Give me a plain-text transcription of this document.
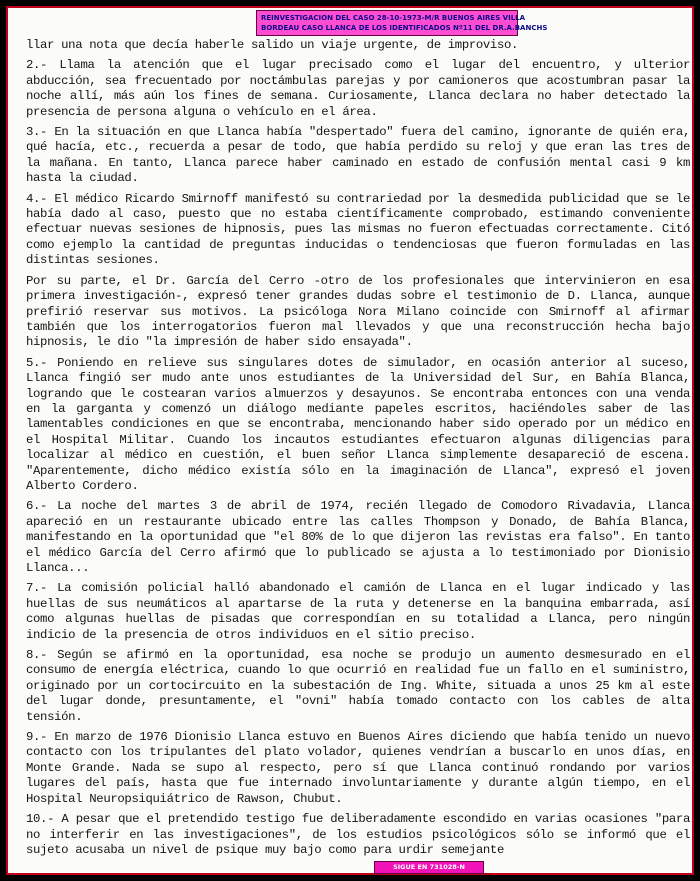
REINVESTIGACION DEL CASO 28-10-1973-M/R BUENOS AIRES VILLA
BORDEAU CASO LLANCA DE LOS IDENTIFICADOS Nº11 DEL DR.A.BANCHS

llar una nota que decía haberle salido un viaje urgente, de improviso.

2.- Llama la atención que el lugar precisado como el lugar del encuentro, y ulterior abducción, sea frecuentado por noctámbulas parejas y por camioneros que acostumbran pasar la noche allí, más aún los fines de semana. Curiosamente, Llanca declara no haber detectado la presencia de persona alguna o vehículo en el área.

3.- En la situación en que Llanca había "despertado" fuera del camino, ignorante de quién era, qué hacía, etc., recuerda a pesar de todo, que había perdido su reloj y que eran las tres de la mañana. En tanto, Llanca parece haber caminado en estado de confusión mental casi 9 km hasta la ciudad.

4.- El médico Ricardo Smirnoff manifestó su contrariedad por la desmedida publicidad que se le había dado al caso, puesto que no estaba científicamente comprobado, estimando conveniente efectuar nuevas sesiones de hipnosis, pues las mismas no fueron efectuadas correctamente. Citó como ejemplo la cantidad de preguntas inducidas o tendenciosas que fueron formuladas en las distintas sesiones.

Por su parte, el Dr. García del Cerro -otro de los profesionales que intervinieron en esa primera investigación-, expresó tener grandes dudas sobre el testimonio de D. Llanca, aunque prefirió reservar sus motivos. La psicóloga Nora Milano coincide con Smirnoff al afirmar también que los interrogatorios fueron mal llevados y que una reconstrucción hecha bajo hipnosis, le dio "la impresión de haber sido ensayada".

5.- Poniendo en relieve sus singulares dotes de simulador, en ocasión anterior al suceso, Llanca fingió ser mudo ante unos estudiantes de la Universidad del Sur, en Bahía Blanca, logrando que le costearan varios almuerzos y desayunos. Se encontraba entonces con una venda en la garganta y comenzó un diálogo mediante papeles escritos, haciéndoles saber de las lamentables condiciones en que se encontraba, mencionando haber sido operado por un médico en el Hospital Militar. Cuando los incautos estudiantes efectuaron algunas diligencias para localizar al médico en cuestión, el buen señor Llanca simplemente desapareció de escena. "Aparentemente, dicho médico existía sólo en la imaginación de Llanca", expresó el joven Alberto Cordero.

6.- La noche del martes 3 de abril de 1974, recién llegado de Comodoro Rivadavia, Llanca apareció en un restaurante ubicado entre las calles Thompson y Donado, de Bahía Blanca, manifestando en la oportunidad que "el 80% de lo que dijeron las revistas era falso". En tanto el médico García del Cerro afirmó que lo publicado se ajusta a lo testimoniado por Dionisio Llanca...

7.- La comisión policial halló abandonado el camión de Llanca en el lugar indicado y las huellas de sus neumáticos al apartarse de la ruta y detenerse en la banquina embarrada, así como algunas huellas de pisadas que correspondían en su totalidad a Llanca, pero ningún indicio de la presencia de otros individuos en el sitio preciso.

8.- Según se afirmó en la oportunidad, esa noche se produjo un aumento desmesurado en el consumo de energía eléctrica, cuando lo que ocurrió en realidad fue un fallo en el suministro, originado por un cortocircuito en la subestación de Ing. White, situada a unos 25 km al este del lugar donde, presuntamente, el "ovni" había tomado contacto con los cables de alta tensión.

9.- En marzo de 1976 Dionisio Llanca estuvo en Buenos Aires diciendo que había tenido un nuevo contacto con los tripulantes del plato volador, quienes vendrían a buscarlo en unos días, en Monte Grande. Nada se supo al respecto, pero sí que Llanca continuó rondando por varios lugares del país, hasta que fue internado involuntariamente y durante algún tiempo, en el Hospital Neuropsiquiátrico de Rawson, Chubut.

10.- A pesar que el pretendido testigo fue deliberadamente escondido en varias ocasiones "para no interferir en las investigaciones", de los estudios psicológicos sólo se informó que el sujeto acusaba un nivel de psique muy bajo como para urdir semejante

SIGUE EN 731028-N
